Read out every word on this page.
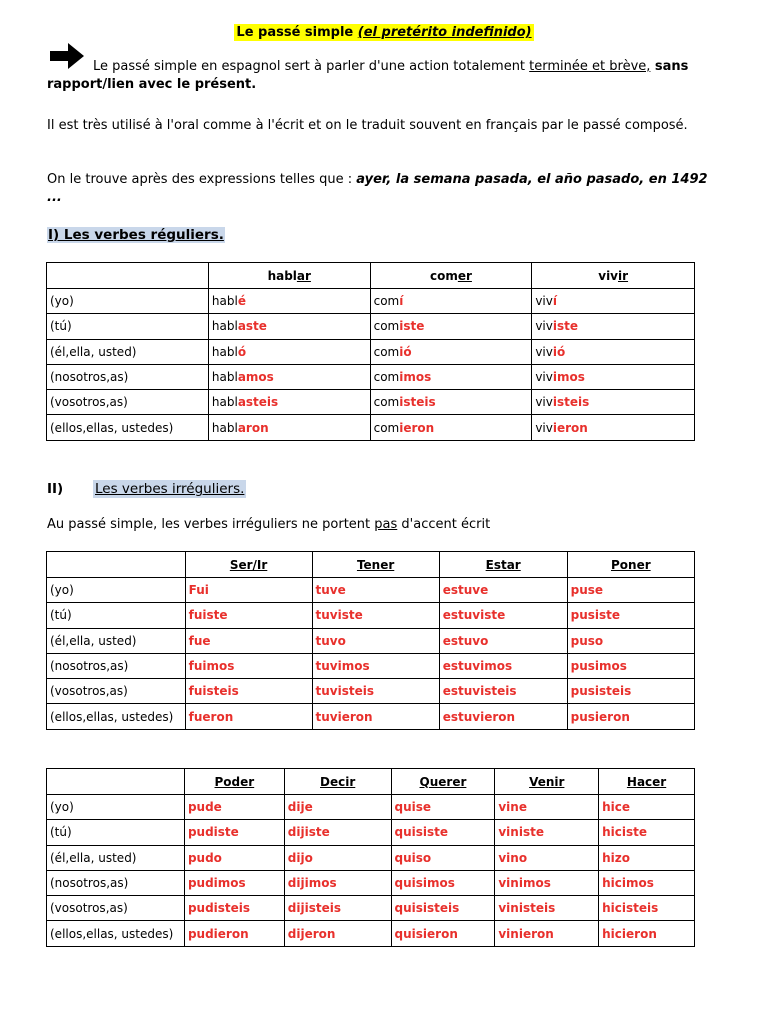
Le passé simple (el pretérito indefinido)
Le passé simple en espagnol sert à parler d'une action totalement terminée et brève, sans rapport/lien avec le présent.
Il est très utilisé à l'oral comme à l'écrit et on le traduit souvent en français par le passé composé.
On le trouve après des expressions telles que : ayer, la semana pasada, el año pasado, en 1492 ...
I) Les verbes réguliers.
	hablar	comer	vivir
(yo)	hablé	comí	viví
(tú)	hablaste	comiste	viviste
(él,ella, usted)	habló	comió	vivió
(nosotros,as)	hablamos	comimos	vivimos
(vosotros,as)	hablasteis	comisteis	vivisteis
(ellos,ellas, ustedes)	hablaron	comieron	vivieron
II) Les verbes irréguliers.
Au passé simple, les verbes irréguliers ne portent pas d'accent écrit
	Ser/Ir	Tener	Estar	Poner
(yo)	Fui	tuve	estuve	puse
(tú)	fuiste	tuviste	estuviste	pusiste
(él,ella, usted)	fue	tuvo	estuvo	puso
(nosotros,as)	fuimos	tuvimos	estuvimos	pusimos
(vosotros,as)	fuisteis	tuvisteis	estuvisteis	pusisteis
(ellos,ellas, ustedes)	fueron	tuvieron	estuvieron	pusieron
	Poder	Decir	Querer	Venir	Hacer
(yo)	pude	dije	quise	vine	hice
(tú)	pudiste	dijiste	quisiste	viniste	hiciste
(él,ella, usted)	pudo	dijo	quiso	vino	hizo
(nosotros,as)	pudimos	dijimos	quisimos	vinimos	hicimos
(vosotros,as)	pudisteis	dijisteis	quisisteis	vinisteis	hicisteis
(ellos,ellas, ustedes)	pudieron	dijeron	quisieron	vinieron	hicieron
